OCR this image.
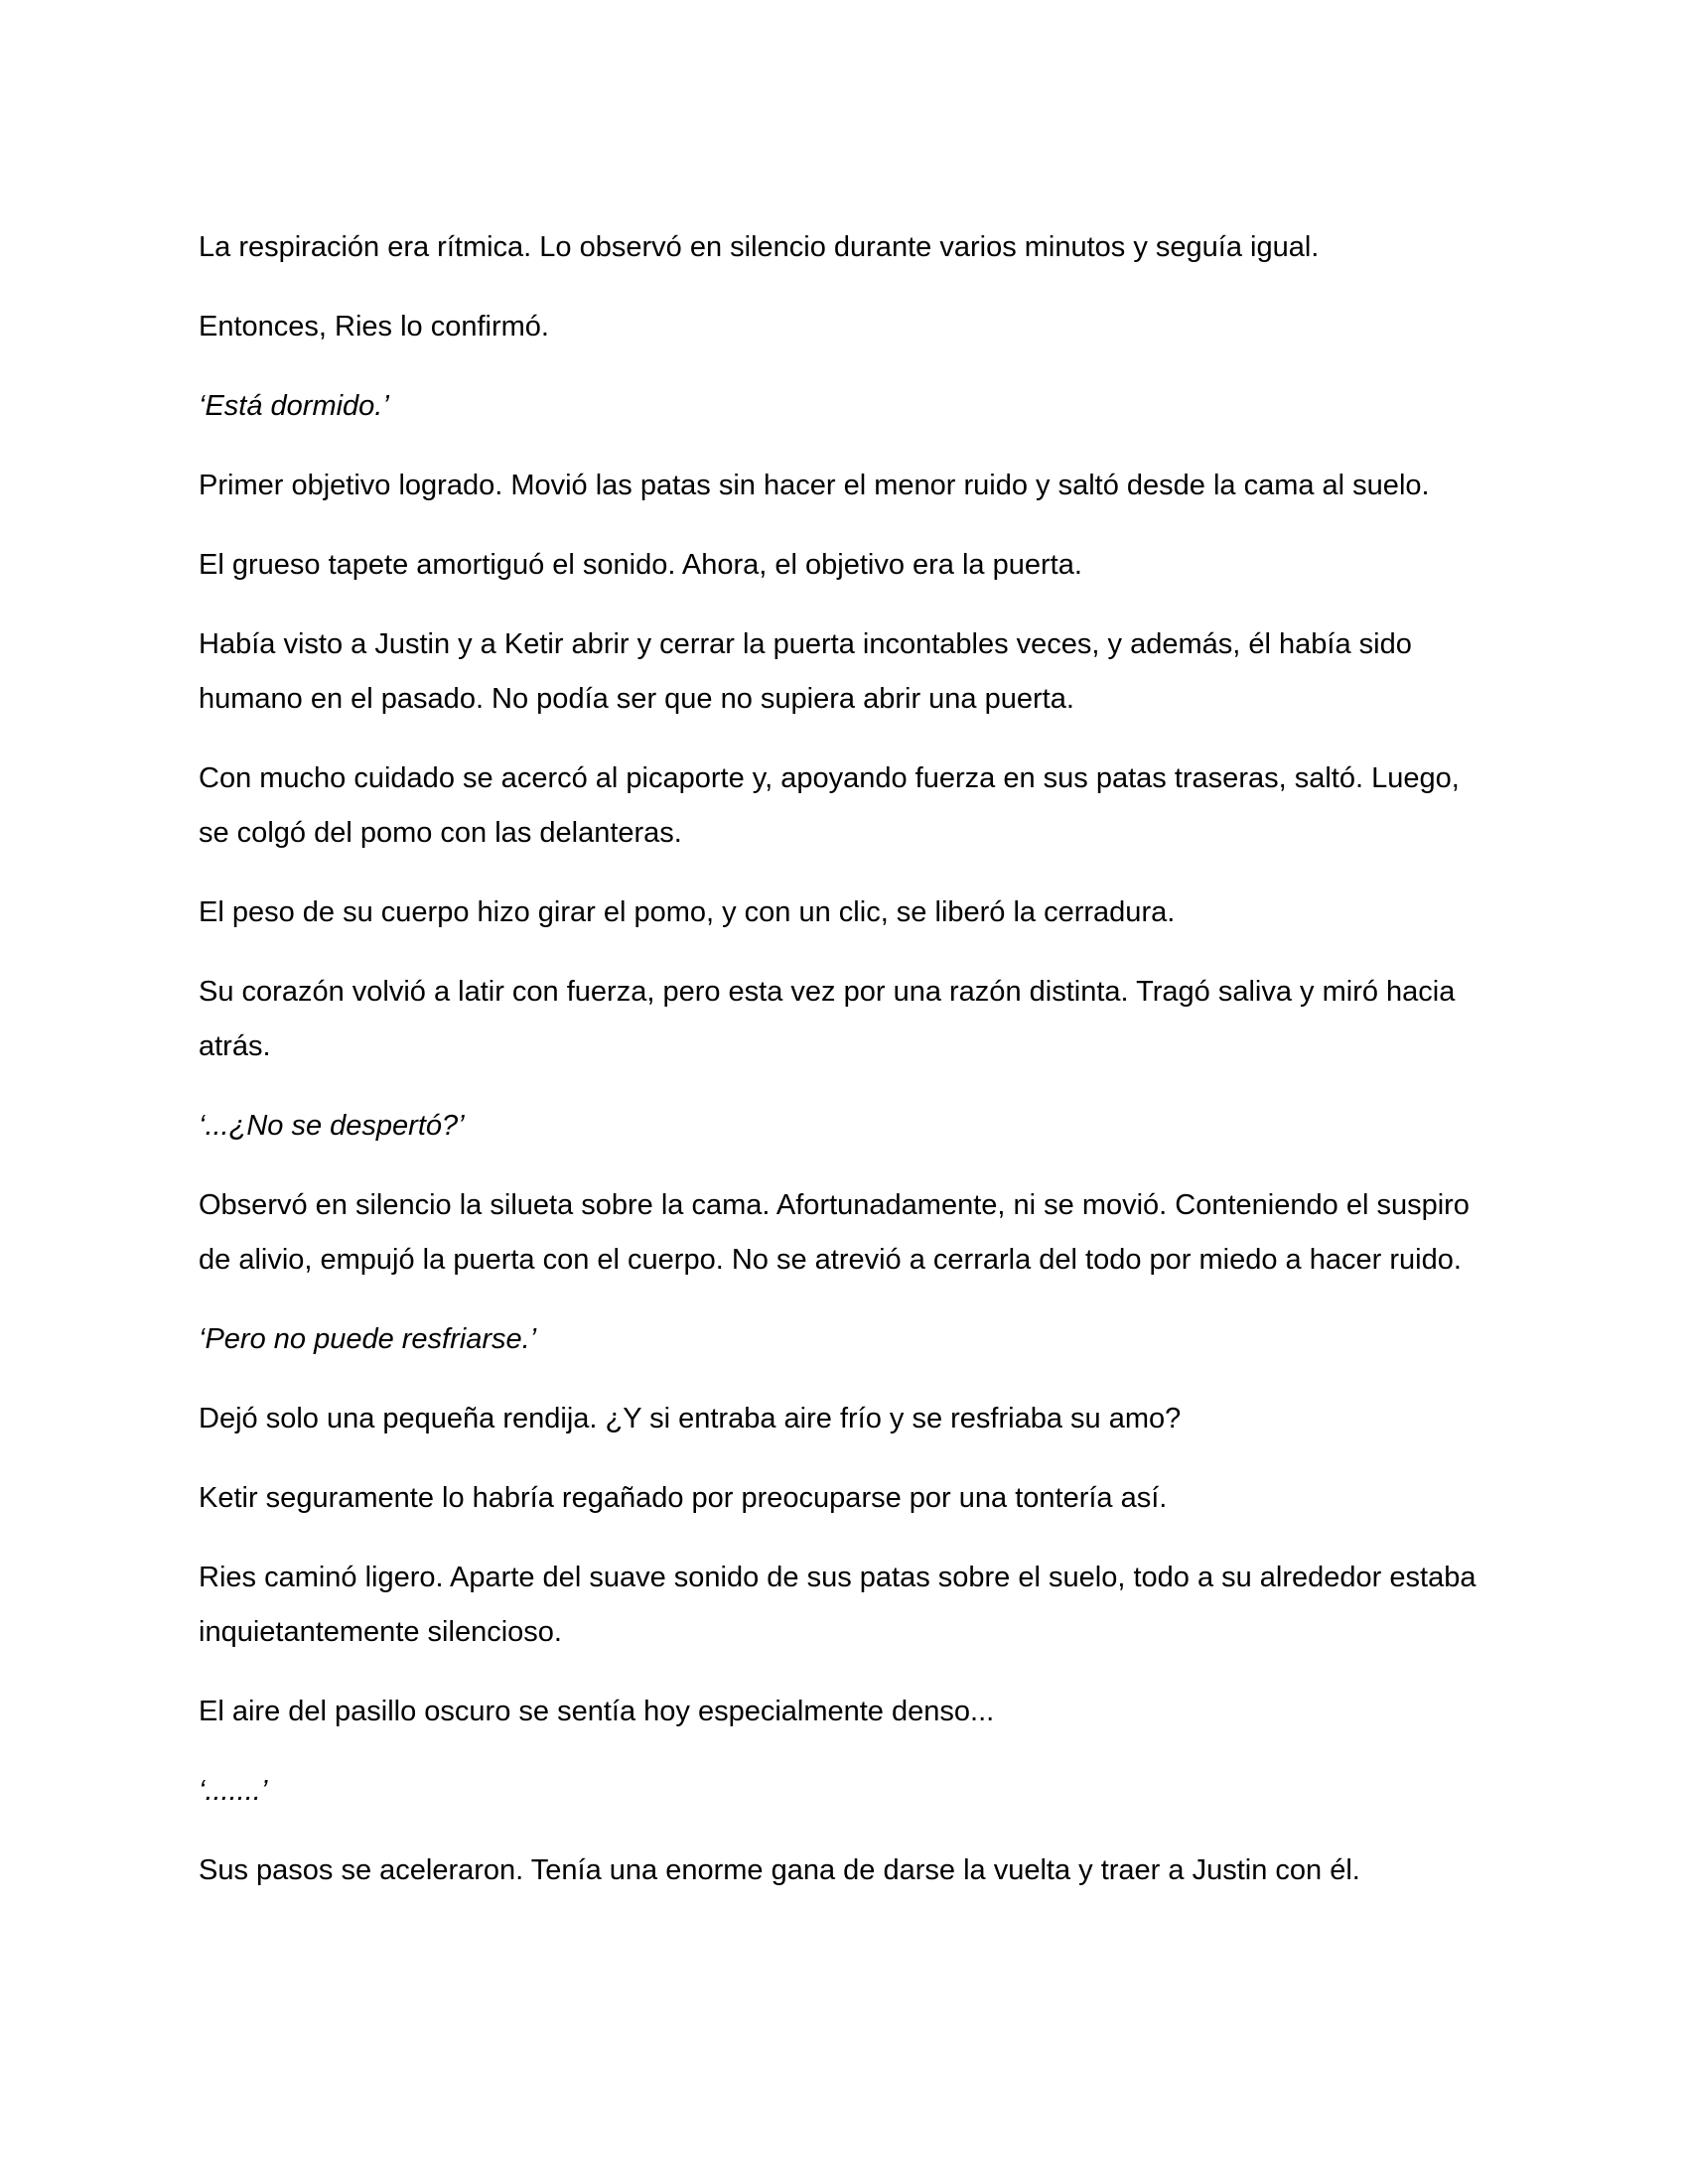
La respiración era rítmica. Lo observó en silencio durante varios minutos y seguía igual.

Entonces, Ries lo confirmó.

‘Está dormido.’

Primer objetivo logrado. Movió las patas sin hacer el menor ruido y saltó desde la cama al suelo.

El grueso tapete amortiguó el sonido. Ahora, el objetivo era la puerta.

Había visto a Justin y a Ketir abrir y cerrar la puerta incontables veces, y además, él había sido humano en el pasado. No podía ser que no supiera abrir una puerta.

Con mucho cuidado se acercó al picaporte y, apoyando fuerza en sus patas traseras, saltó. Luego, se colgó del pomo con las delanteras.

El peso de su cuerpo hizo girar el pomo, y con un clic, se liberó la cerradura.

Su corazón volvió a latir con fuerza, pero esta vez por una razón distinta. Tragó saliva y miró hacia atrás.

‘...¿No se despertó?’

Observó en silencio la silueta sobre la cama. Afortunadamente, ni se movió. Conteniendo el suspiro de alivio, empujó la puerta con el cuerpo. No se atrevió a cerrarla del todo por miedo a hacer ruido.

‘Pero no puede resfriarse.’

Dejó solo una pequeña rendija. ¿Y si entraba aire frío y se resfriaba su amo?

Ketir seguramente lo habría regañado por preocuparse por una tontería así.

Ries caminó ligero. Aparte del suave sonido de sus patas sobre el suelo, todo a su alrededor estaba inquietantemente silencioso.

El aire del pasillo oscuro se sentía hoy especialmente denso...

‘.......’

Sus pasos se aceleraron. Tenía una enorme gana de darse la vuelta y traer a Justin con él.
